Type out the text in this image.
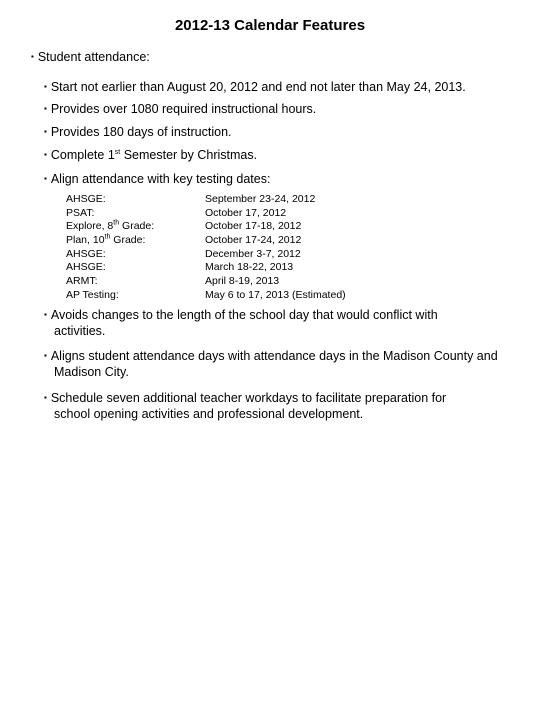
2012-13 Calendar Features
▪ Student attendance:
▪ Start not earlier than August 20, 2012 and end not later than May 24, 2013.
▪ Provides over 1080 required instructional hours.
▪ Provides 180 days of instruction.
▪ Complete 1st Semester by Christmas.
▪ Align attendance with key testing dates:
AHSGE:	September 23-24, 2012
PSAT:	October 17, 2012
Explore, 8th Grade:	October 17-18, 2012
Plan, 10th Grade:	October 17-24, 2012
AHSGE:	December 3-7, 2012
AHSGE:	March 18-22, 2013
ARMT:	April 8-19, 2013
AP Testing:	May 6 to 17, 2013 (Estimated)
▪ Avoids changes to the length of the school day that would conflict with activities.
▪ Aligns student attendance days with attendance days in the Madison County and Madison City.
▪ Schedule seven additional teacher workdays to facilitate preparation for school opening activities and professional development.
